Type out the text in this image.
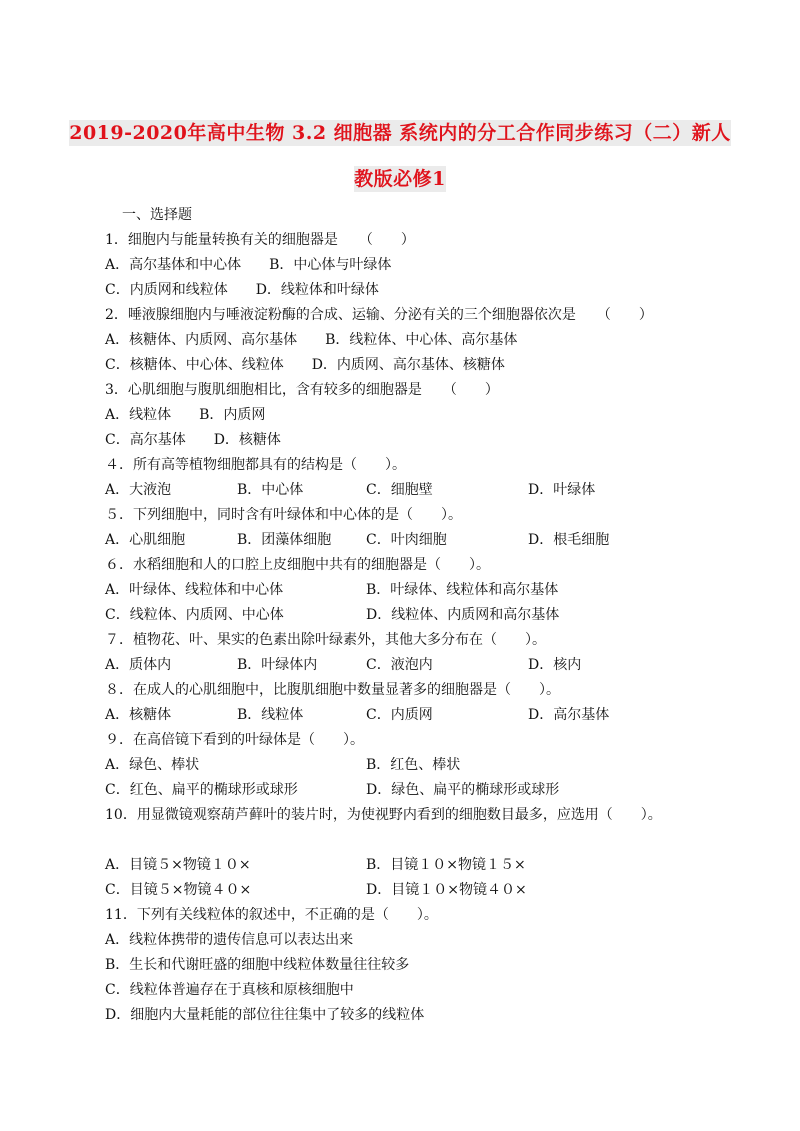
2019-2020年高中生物 3.2 细胞器 系统内的分工合作同步练习（二）新人
教版必修1
一、选择题
1．细胞内与能量转换有关的细胞器是　　（　　）
A．高尔基体和中心体　　B．中心体与叶绿体
C．内质网和线粒体　　D．线粒体和叶绿体
2．唾液腺细胞内与唾液淀粉酶的合成、运输、分泌有关的三个细胞器依次是　　（　　）
A．核糖体、内质网、高尔基体　　B．线粒体、中心体、高尔基体
C．核糖体、中心体、线粒体　　D．内质网、高尔基体、核糖体
3．心肌细胞与腹肌细胞相比，含有较多的细胞器是　　（　　）
A．线粒体　　B．内质网
C．高尔基体　　D．核糖体
４．所有高等植物细胞都具有的结构是（　　）。
A．大液泡	B．中心体	C．细胞壁	D．叶绿体
５．下列细胞中，同时含有叶绿体和中心体的是（　　）。
A．心肌细胞	B．团藻体细胞 C．叶肉细胞	D．根毛细胞
６．水稻细胞和人的口腔上皮细胞中共有的细胞器是（　　）。
A．叶绿体、线粒体和中心体	B．叶绿体、线粒体和高尔基体
C．线粒体、内质网、中心体	D．线粒体、内质网和高尔基体
７．植物花、叶、果实的色素出除叶绿素外，其他大多分布在（　　）。
A．质体内	B．叶绿体内	C．液泡内	D．核内
８．在成人的心肌细胞中，比腹肌细胞中数量显著多的细胞器是（　　）。
A．核糖体	B．线粒体	C．内质网	D．高尔基体
９．在高倍镜下看到的叶绿体是（　　）。
A．绿色、棒状	B．红色、棒状
C．红色、扁平的椭球形或球形	D．绿色、扁平的椭球形或球形
10．用显微镜观察葫芦藓叶的装片时，为使视野内看到的细胞数目最多，应选用（　　）。
A．目镜５×物镜１０×	B．目镜１０×物镜１５×
C．目镜５×物镜４０×	D．目镜１０×物镜４０×
11．下列有关线粒体的叙述中，不正确的是（　　）。
A．线粒体携带的遗传信息可以表达出来
B．生长和代谢旺盛的细胞中线粒体数量往往较多
C．线粒体普遍存在于真核和原核细胞中
D．细胞内大量耗能的部位往往集中了较多的线粒体
